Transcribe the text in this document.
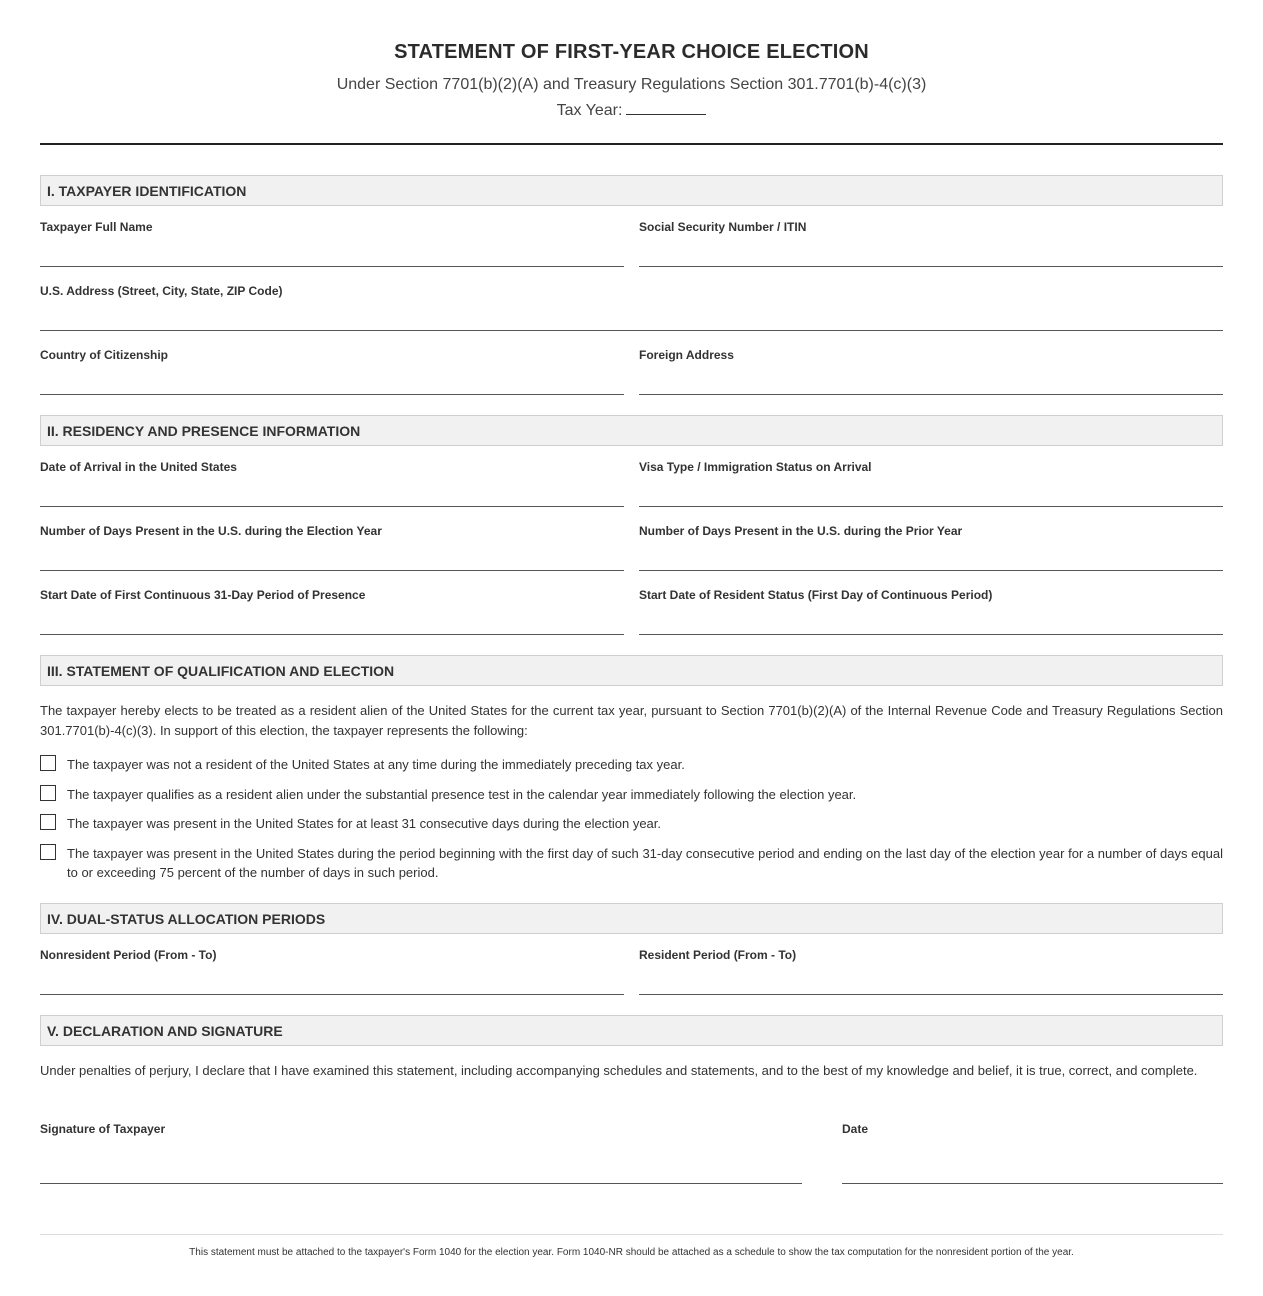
STATEMENT OF FIRST-YEAR CHOICE ELECTION
Under Section 7701(b)(2)(A) and Treasury Regulations Section 301.7701(b)-4(c)(3)
Tax Year:
I. TAXPAYER IDENTIFICATION
Taxpayer Full Name	Social Security Number / ITIN
U.S. Address (Street, City, State, ZIP Code)
Country of Citizenship	Foreign Address
II. RESIDENCY AND PRESENCE INFORMATION
Date of Arrival in the United States	Visa Type / Immigration Status on Arrival
Number of Days Present in the U.S. during the Election Year	Number of Days Present in the U.S. during the Prior Year
Start Date of First Continuous 31-Day Period of Presence	Start Date of Resident Status (First Day of Continuous Period)
III. STATEMENT OF QUALIFICATION AND ELECTION
The taxpayer hereby elects to be treated as a resident alien of the United States for the current tax year, pursuant to Section 7701(b)(2)(A) of the Internal Revenue Code and Treasury Regulations Section 301.7701(b)-4(c)(3). In support of this election, the taxpayer represents the following:
The taxpayer was not a resident of the United States at any time during the immediately preceding tax year.
The taxpayer qualifies as a resident alien under the substantial presence test in the calendar year immediately following the election year.
The taxpayer was present in the United States for at least 31 consecutive days during the election year.
The taxpayer was present in the United States during the period beginning with the first day of such 31-day consecutive period and ending on the last day of the election year for a number of days equal to or exceeding 75 percent of the number of days in such period.
IV. DUAL-STATUS ALLOCATION PERIODS
Nonresident Period (From - To)	Resident Period (From - To)
V. DECLARATION AND SIGNATURE
Under penalties of perjury, I declare that I have examined this statement, including accompanying schedules and statements, and to the best of my knowledge and belief, it is true, correct, and complete.
Signature of Taxpayer	Date
This statement must be attached to the taxpayer's Form 1040 for the election year. Form 1040-NR should be attached as a schedule to show the tax computation for the nonresident portion of the year.
